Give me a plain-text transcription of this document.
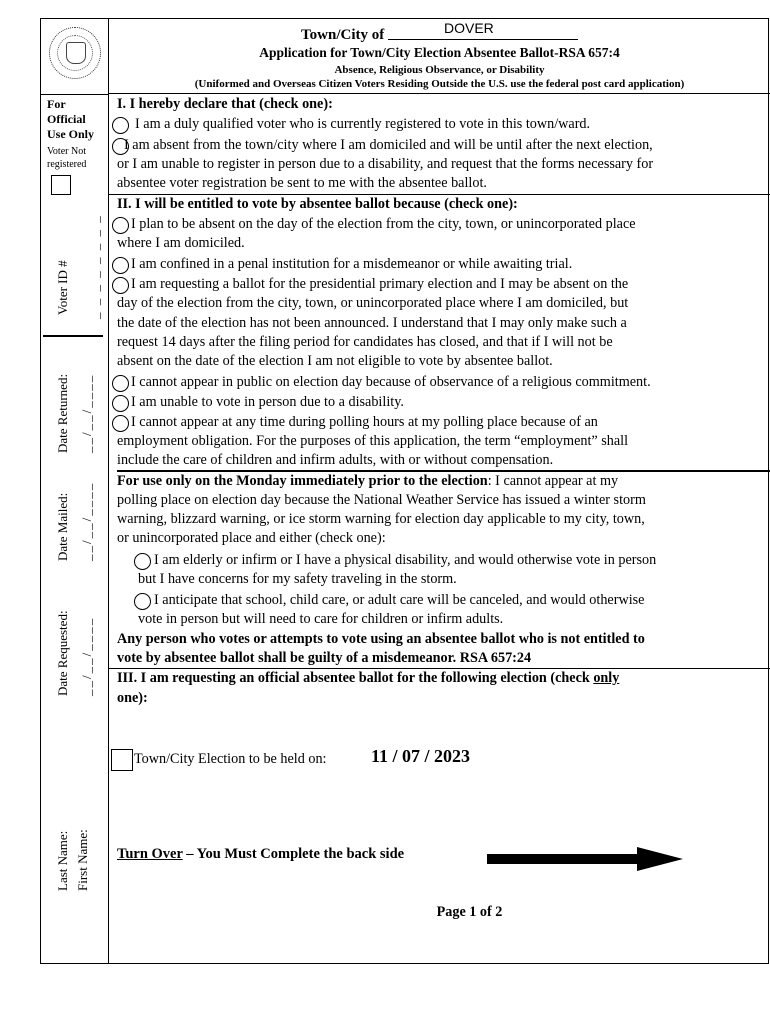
For
Official
Use Only
Voter Not
registered
_ _ _ _ _ _ _ _
Voter ID #
Date Returned: __/__/____
Date Mailed: __/__/____
Date Requested: __/__/____
Last Name: First Name:
Town/City of	DOVER
Application for Town/City Election Absentee Ballot-RSA 657:4
Absence, Religious Observance, or Disability
(Uniformed and Overseas Citizen Voters Residing Outside the U.S. use the federal post card application)
I. I hereby declare that (check one):
I am a duly qualified voter who is currently registered to vote in this town/ward.
I am absent from the town/city where I am domiciled and will be until after the next election,
or I am unable to register in person due to a disability, and request that the forms necessary for
absentee voter registration be sent to me with the absentee ballot.
II. I will be entitled to vote by absentee ballot because (check one):
I plan to be absent on the day of the election from the city, town, or unincorporated place
where I am domiciled.
I am confined in a penal institution for a misdemeanor or while awaiting trial.
I am requesting a ballot for the presidential primary election and I may be absent on the
day of the election from the city, town, or unincorporated place where I am domiciled, but
the date of the election has not been announced. I understand that I may only make such a
request 14 days after the filing period for candidates has closed, and that if I will not be
absent on the date of the election I am not eligible to vote by absentee ballot.
I cannot appear in public on election day because of observance of a religious commitment.
I am unable to vote in person due to a disability.
I cannot appear at any time during polling hours at my polling place because of an
employment obligation. For the purposes of this application, the term “employment” shall
include the care of children and infirm adults, with or without compensation.
For use only on the Monday immediately prior to the election: I cannot appear at my
polling place on election day because the National Weather Service has issued a winter storm
warning, blizzard warning, or ice storm warning for election day applicable to my city, town,
or unincorporated place and either (check one):
I am elderly or infirm or I have a physical disability, and would otherwise vote in person
but I have concerns for my safety traveling in the storm.
I anticipate that school, child care, or adult care will be canceled, and would otherwise
vote in person but will need to care for children or infirm adults.
Any person who votes or attempts to vote using an absentee ballot who is not entitled to
vote by absentee ballot shall be guilty of a misdemeanor. RSA 657:24
III. I am requesting an official absentee ballot for the following election (check only
one):
Town/City Election to be held on: 11 / 07 / 2023
Turn Over – You Must Complete the back side
Page 1 of 2
